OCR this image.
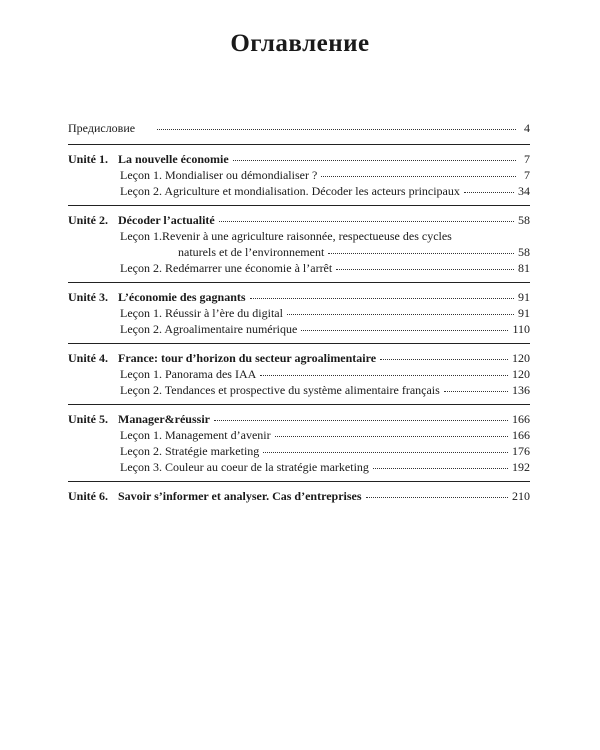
Оглавление
Предисловие	4
Unité 1. La nouvelle économie	7
Leçon 1. Mondialiser ou démondialiser ?	7
Leçon 2. Agriculture et mondialisation. Décoder les acteurs principaux	34
Unité 2. Décoder l’actualité	58
Leçon 1. Revenir à une agriculture raisonnée, respectueuse des cycles
naturels et de l’environnement	58
Leçon 2. Redémarrer une économie à l’arrêt	81
Unité 3. L’économie des gagnants	91
Leçon 1. Réussir à l’ère du digital	91
Leçon 2. Agroalimentaire numérique	110
Unité 4. France: tour d’horizon du secteur agroalimentaire	120
Leçon 1. Panorama des IAA	120
Leçon 2. Tendances et prospective du système alimentaire français	136
Unité 5. Manager&réussir	166
Leçon 1. Management d’avenir	166
Leçon 2. Stratégie marketing	176
Leçon 3. Couleur au coeur de la stratégie marketing	192
Unité 6. Savoir s’informer et analyser. Cas d’entreprises	210
